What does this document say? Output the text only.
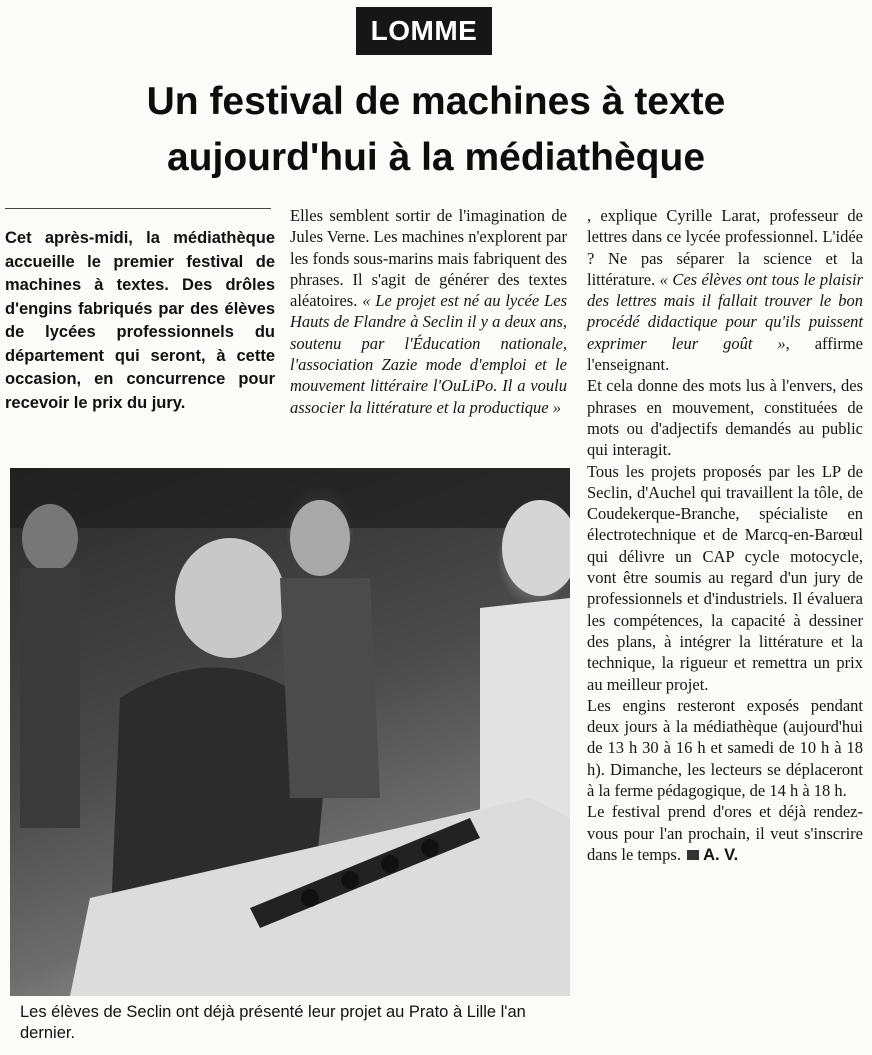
LOMME
Un festival de machines à texte
aujourd'hui à la médiathèque
Cet après-midi, la médiathèque accueille le premier festival de machines à textes. Des drôles d'engins fabriqués par des élèves de lycées professionnels du département qui seront, à cette occasion, en concurrence pour recevoir le prix du jury.

Elles semblent sortir de l'imagination de Jules Verne. Les machines n'explorent par les fonds sous-marins mais fabriquent des phrases. Il s'agit de générer des textes aléatoires. « Le projet est né au lycée Les Hauts de Flandre à Seclin il y a deux ans, soutenu par l'Éducation nationale, l'association Zazie mode d'emploi et le mouvement littéraire l'OuLiPo. Il a voulu associer la littérature et la productique »

, explique Cyrille Larat, professeur de lettres dans ce lycée professionnel. L'idée ? Ne pas séparer la science et la littérature. « Ces élèves ont tous le plaisir des lettres mais il fallait trouver le bon procédé didactique pour qu'ils puissent exprimer leur goût », affirme l'enseignant.

Et cela donne des mots lus à l'envers, des phrases en mouvement, constituées de mots ou d'adjectifs demandés au public qui interagit.

Tous les projets proposés par les LP de Seclin, d'Auchel qui travaillent la tôle, de Coudekerque-Branche, spécialiste en électrotechnique et de Marcq-en-Barœul qui délivre un CAP cycle motocycle, vont être soumis au regard d'un jury de professionnels et d'industriels. Il évaluera les compétences, la capacité à dessiner des plans, à intégrer la littérature et la technique, la rigueur et remettra un prix au meilleur projet.

Les engins resteront exposés pendant deux jours à la médiathèque (aujourd'hui de 13 h 30 à 16 h et samedi de 10 h à 18 h). Dimanche, les lecteurs se déplaceront à la ferme pédagogique, de 14 h à 18 h.

Le festival prend d'ores et déjà rendez-vous pour l'an prochain, il veut s'inscrire dans le temps. A. V.

Les élèves de Seclin ont déjà présenté leur projet au Prato à Lille l'an dernier.
